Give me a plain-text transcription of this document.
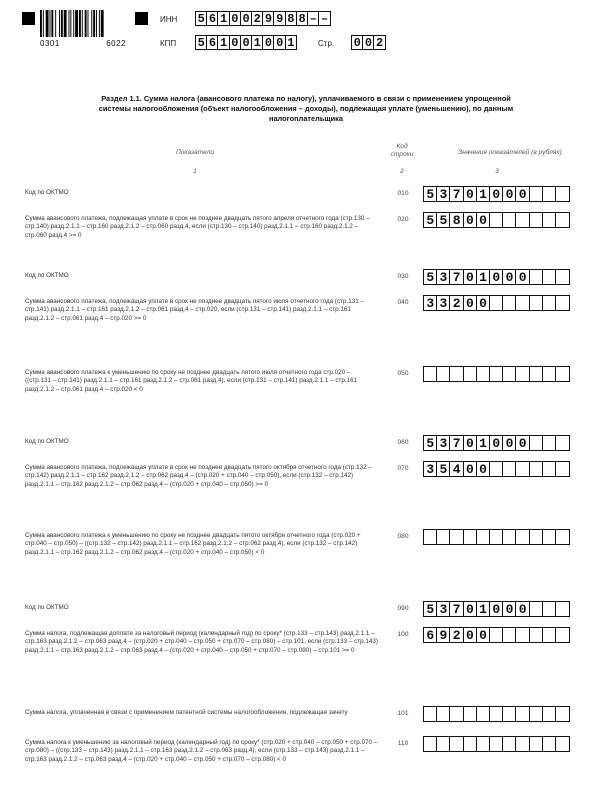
0301	6022
ИНН 5 6 1 0 0 2 9 9 8 8 – –
КПП 5 6 1 0 0 1 0 0 1	Стр. 0 0 2
Раздел 1.1. Сумма налога (авансового платежа по налогу), уплачиваемого в связи с применением упрощенной
системы налогообложения (объект налогообложения – доходы), подлежащая уплате (уменьшению), по данным
налогоплательщика
Показатели
Код
строки	Значения показателей (в рублях)
1	2	3
Код по ОКТМО	010	5 3 7 0 1 0 0 0
Сумма авансового платежа, подлежащая уплате в срок не позднее двадцать пятого апреля отчетного года (стр.130 – стр.140) разд.2.1.1 – стр.160 разд.2.1.2 – стр.060 разд.4, если (стр.130 – стр.140) разд.2.1.1 – стр.160 разд.2.1.2 – стр.060 разд.4 >= 0
020	5 5 8 0 0
Код по ОКТМО	030	5 3 7 0 1 0 0 0
Сумма авансового платежа, подлежащая уплате в срок не позднее двадцать пятого июля отчетного года (стр.131 – стр.141) разд.2.1.1 – стр.161 разд.2.1.2 – стр.061 разд.4 – стр.020, если (стр.131 – стр.141) разд.2.1.1 – стр.161 разд.2.1.2 – стр.061 разд.4 – стр.020 >= 0
040	3 3 2 0 0
Сумма авансового платежа к уменьшению по сроку не позднее двадцать пятого июля отчетного года стр.020 – ((стр.131 – стр.141) разд.2.1.1 – стр.161 разд.2.1.2 – стр.061 разд.4), если (стр.131 – стр.141) разд.2.1.1 – стр.161 разд.2.1.2 – стр.061 разд.4 – стр.020 < 0
050
Код по ОКТМО	060	5 3 7 0 1 0 0 0
Сумма авансового платежа, подлежащая уплате в срок не позднее двадцать пятого октября отчетного года (стр.132 – стр.142) разд.2.1.1 – стр.162 разд.2.1.2 – стр.062 разд.4 – (стр.020 + стр.040 – стр.050), если (стр.132 – стр.142) разд.2.1.1 – стр.162 разд.2.1.2 – стр.062 разд.4 – (стр.020 + стр.040 – стр.050) >= 0
070	3 5 4 0 0
Сумма авансового платежа к уменьшению по сроку не позднее двадцать пятого октября отчетного года (стр.020 + стр.040 – стр.050) – ((стр.132 – стр.142) разд.2.1.1 – стр.162 разд.2.1.2 – стр.062 разд.4), если (стр.132 – стр.142) разд.2.1.1 – стр.162 разд.2.1.2 – стр.062 разд.4 – (стр.020 + стр.040 – стр.050) < 0
080
Код по ОКТМО	090	5 3 7 0 1 0 0 0
Сумма налога, подлежащая доплате за налоговый период (календарный год) по сроку* (стр.133 – стр.143) разд.2.1.1 – стр.163 разд.2.1.2 – стр.063 разд.4 – (стр.020 + стр.040 – стр.050 + стр.070 – стр.080) – стр.101, если (стр.133 – стр.143) разд.2.1.1 – стр.163 разд.2.1.2 – стр.063 разд.4 – (стр.020 + стр.040 – стр.050 + стр.070 – стр.080) – стр.101 >= 0
100	6 9 2 0 0
Сумма налога, уплаченная в связи с применением патентной системы налогообложения, подлежащая зачету	101
Сумма налога к уменьшению за налоговый период (календарный год) по сроку* (стр.020 + стр.040 – стр.050 + стр.070 – стр.080) – ((стр.133 – стр.143) разд.2.1.1 – стр.163 разд.2.1.2 – стр.063 разд.4), если (стр.133 – стр.143) разд.2.1.1 – стр.163 разд.2.1.2 – стр.063 разд.4 – (стр.020 + стр.040 – стр.050 + стр.070 – стр.080) < 0
110
